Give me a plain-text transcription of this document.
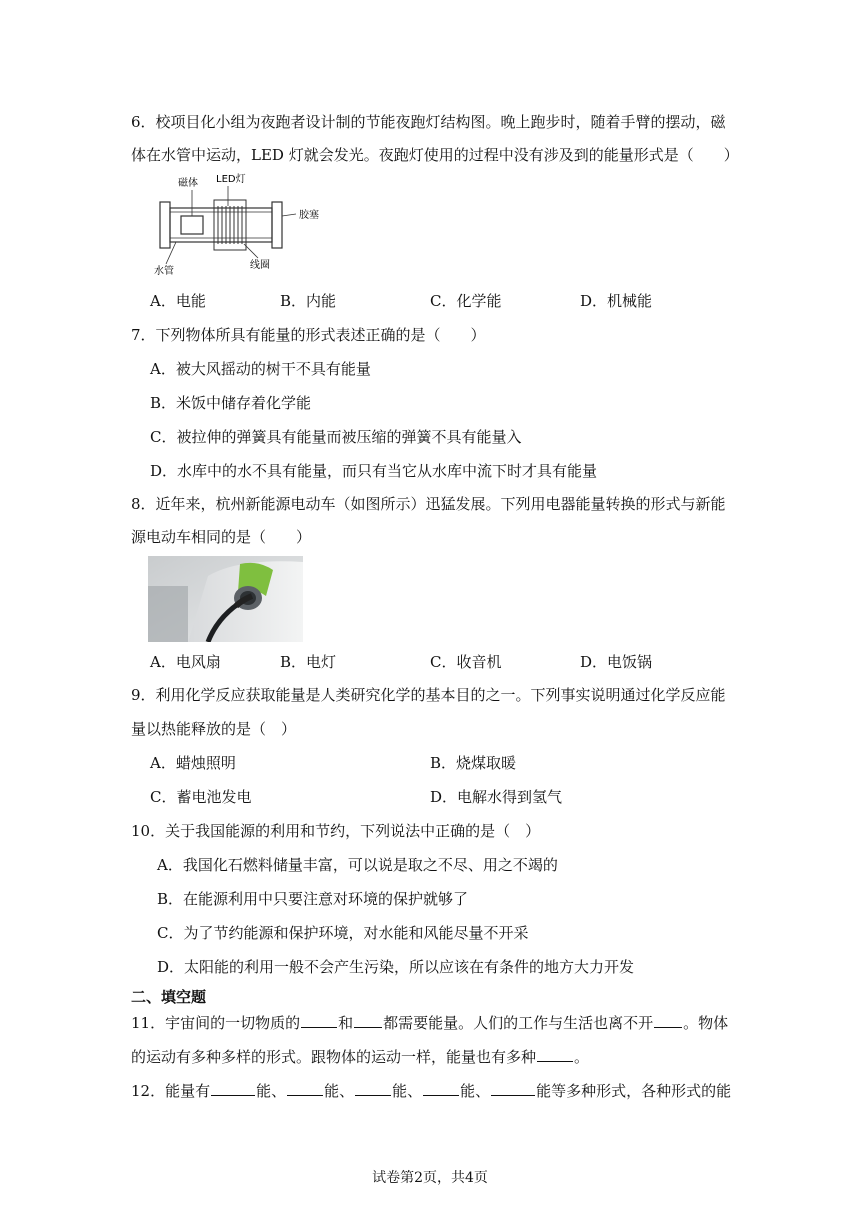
6．校项目化小组为夜跑者设计制的节能夜跑灯结构图。晚上跑步时，随着手臂的摆动，磁
体在水管中运动，LED 灯就会发光。夜跑灯使用的过程中没有涉及到的能量形式是（　　）
磁体 LED灯
胶塞
水管
线圈
A．电能	B．内能	C．化学能	D．机械能
7．下列物体所具有能量的形式表述正确的是（　　）
A．被大风摇动的树干不具有能量
B．米饭中储存着化学能
C．被拉伸的弹簧具有能量而被压缩的弹簧不具有能量入
D．水库中的水不具有能量，而只有当它从水库中流下时才具有能量
8．近年来，杭州新能源电动车（如图所示）迅猛发展。下列用电器能量转换的形式与新能
源电动车相同的是（　　）
A．电风扇	B．电灯	C．收音机	D．电饭锅
9．利用化学反应获取能量是人类研究化学的基本目的之一。下列事实说明通过化学反应能
量以热能释放的是（　）
A．蜡烛照明	B．烧煤取暖
C．蓄电池发电	D．电解水得到氢气
10．关于我国能源的利用和节约，下列说法中正确的是（　）
A．我国化石燃料储量丰富，可以说是取之不尽、用之不竭的
B．在能源利用中只要注意对环境的保护就够了
C．为了节约能源和保护环境，对水能和风能尽量不开采
D．太阳能的利用一般不会产生污染，所以应该在有条件的地方大力开发
二、填空题
11．宇宙间的一切物质的	和 都需要能量。人们的工作与生活也离不开 。物体
的运动有多种多样的形式。跟物体的运动一样，能量也有多种	。
12．能量有	能、	能、	能、	能、	能等多种形式，各种形式的能
试卷第2页，共4页
